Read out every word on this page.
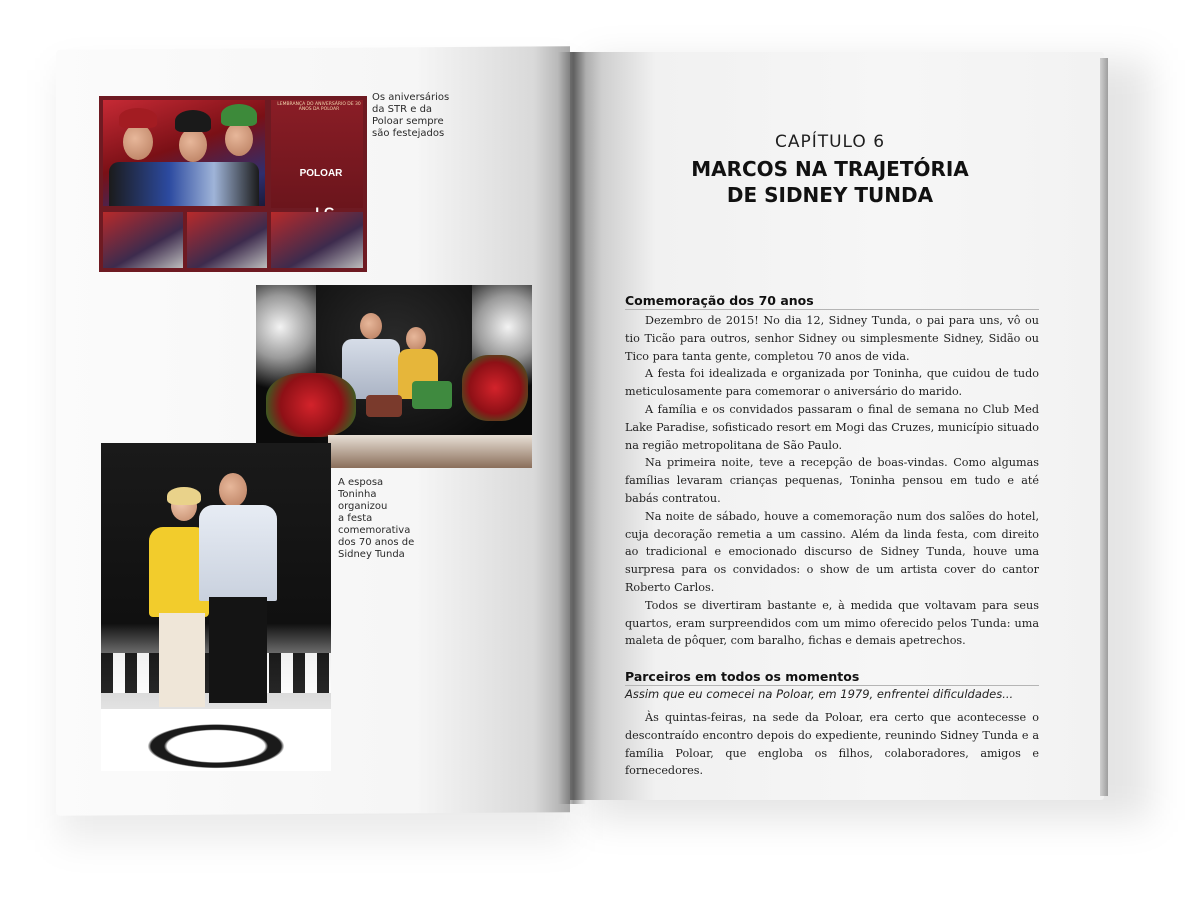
LEMBRANÇA DO ANIVERSÁRIO DE 30 ANOS DA POLOAR
POLOAR

Os aniversários
da STR e da
Poloar sempre
são festejados

A esposa
Toninha
organizou
a festa
comemorativa
dos 70 anos de
Sidney Tunda

CAPÍTULO 6
MARCOS NA TRAJETÓRIA
DE SIDNEY TUNDA
Comemoração dos 70 anos

Dezembro de 2015! No dia 12, Sidney Tunda, o pai para uns, vô ou tio Ticão para outros, senhor Sidney ou simplesmente Sidney, Sidão ou Tico para tanta gente, completou 70 anos de vida.

A festa foi idealizada e organizada por Toninha, que cuidou de tudo meticulosamente para comemorar o aniversário do marido.

A família e os convidados passaram o final de semana no Club Med Lake Paradise, sofisticado resort em Mogi das Cruzes, município situado na região metropolitana de São Paulo.

Na primeira noite, teve a recepção de boas-vindas. Como algumas famílias levaram crianças pequenas, Toninha pensou em tudo e até babás contratou.

Na noite de sábado, houve a comemoração num dos salões do hotel, cuja decoração remetia a um cassino. Além da linda festa, com direito ao tradicional e emocionado discurso de Sidney Tunda, houve uma surpresa para os convidados: o show de um artista cover do cantor Roberto Carlos.

Todos se divertiram bastante e, à medida que voltavam para seus quartos, eram surpreendidos com um mimo oferecido pelos Tunda: uma maleta de pôquer, com baralho, fichas e demais apetrechos.

Parceiros em todos os momentos
Assim que eu comecei na Poloar, em 1979, enfrentei dificuldades...

Às quintas-feiras, na sede da Poloar, era certo que acontecesse o descontraído encontro depois do expediente, reunindo Sidney Tunda e a família Poloar, que engloba os filhos, colaboradores, amigos e fornecedores.
